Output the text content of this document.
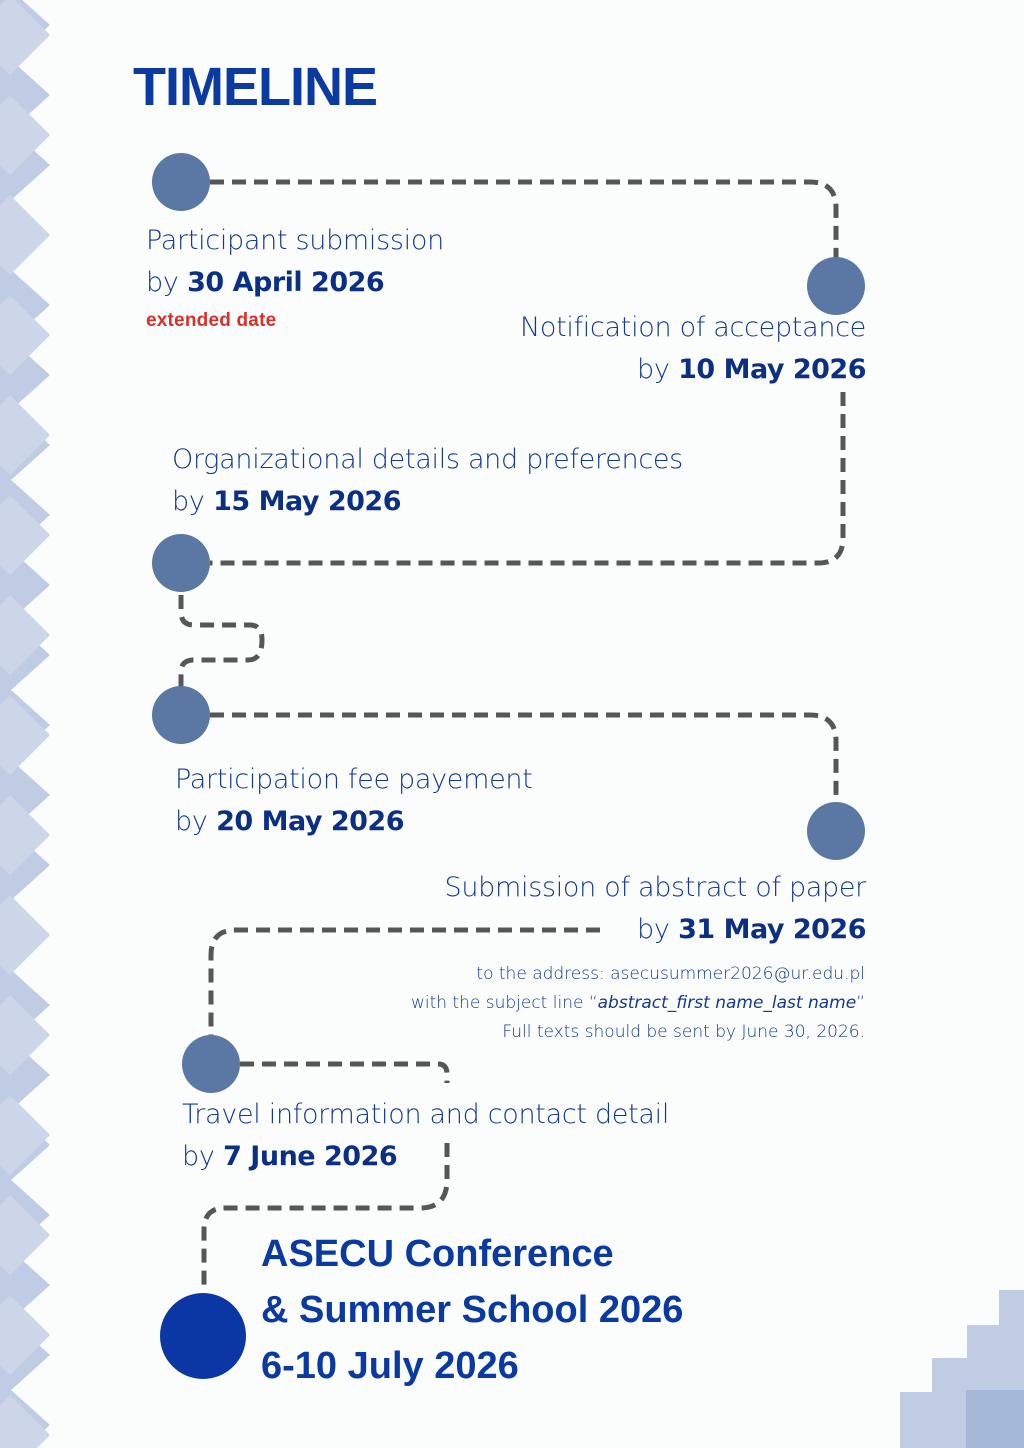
TIMELINE
Participant submission
by 30 April 2026
extended date	Notification of acceptance
by 10 May 2026
Organizational details and preferences
by 15 May 2026
Participation fee payement
by 20 May 2026
Submission of abstract of paper
by 31 May 2026
to the address: asecusummer2026@ur.edu.pl
with the subject line “abstract_first name_last name”
Full texts should be sent by June 30, 2026.
Travel information and contact detail
by 7 June 2026
ASECU Conference
& Summer School 2026
6-10 July 2026
